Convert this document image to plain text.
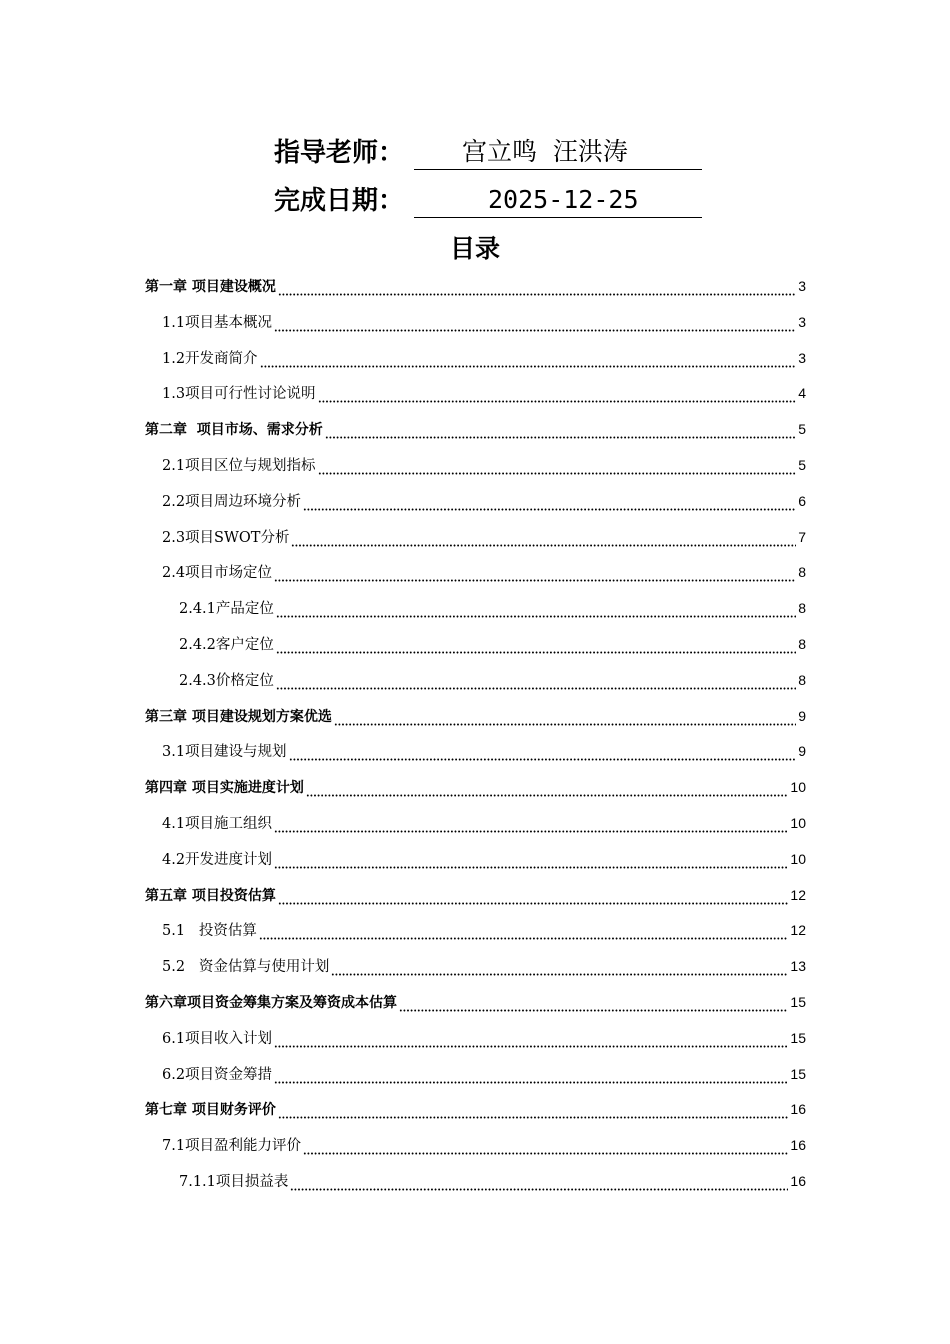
指导老师：	宫立鸣  汪洪涛
完成日期：	2025-12-25
目录
第一章 项目建设概况	3
1.1项目基本概况	3
1.2开发商简介	3
1.3项目可行性讨论说明	4
第二章  项目市场、需求分析	5
2.1项目区位与规划指标	5
2.2项目周边环境分析	6
2.3项目SWOT分析	7
2.4项目市场定位	8
2.4.1产品定位	8
2.4.2客户定位	8
2.4.3价格定位	8
第三章 项目建设规划方案优选	9
3.1项目建设与规划	9
第四章 项目实施进度计划	10
4.1项目施工组织	10
4.2开发进度计划	10
第五章 项目投资估算	12
5.1   投资估算	12
5.2   资金估算与使用计划	13
第六章项目资金筹集方案及筹资成本估算	15
6.1项目收入计划	15
6.2项目资金筹措	15
第七章 项目财务评价	16
7.1项目盈利能力评价	16
7.1.1项目损益表	16
